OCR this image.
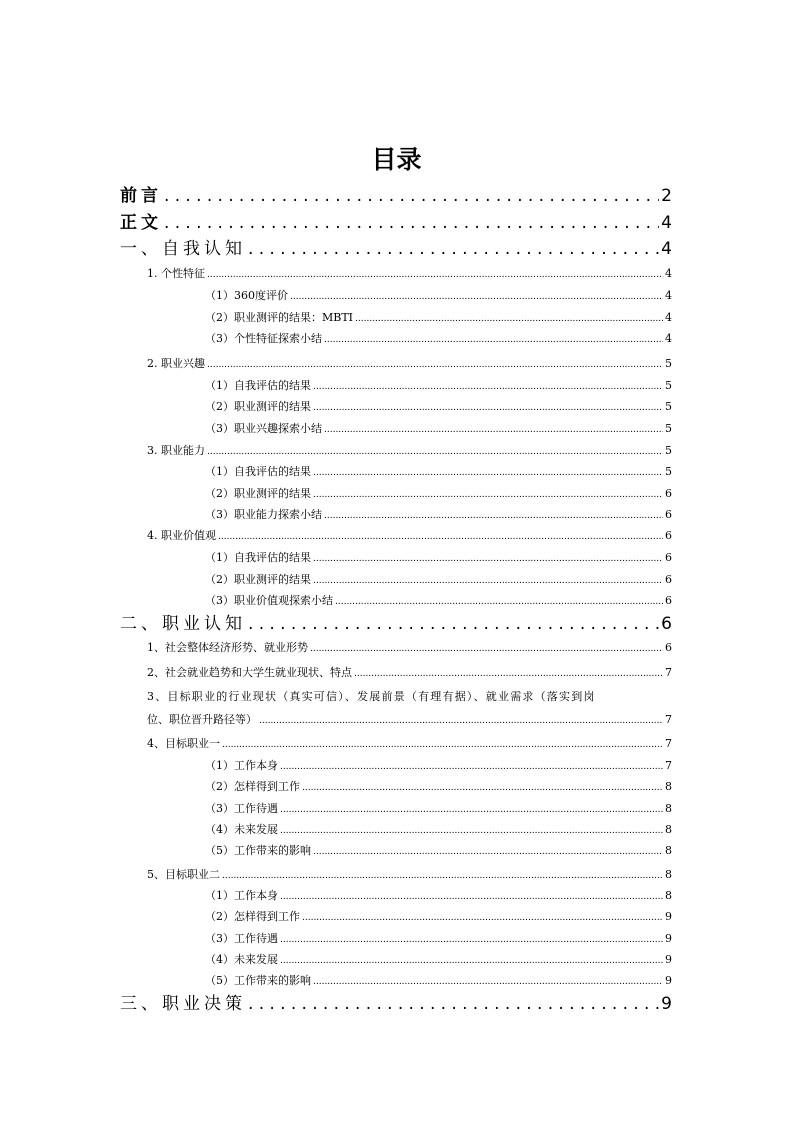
目录
前言 .....	2
正文 .....	4
一、自我认知 .....	4
1. 个性特征 .....	4
（1）360度评价 .....	4
（2）职业测评的结果：MBTI .....	4
（3）个性特征探索小结 .....	4
2. 职业兴趣 .....	5
（1）自我评估的结果 .....	5
（2）职业测评的结果 .....	5
（3）职业兴趣探索小结 .....	5
3. 职业能力 .....	5
（1）自我评估的结果 .....	5
（2）职业测评的结果 .....	6
（3）职业能力探索小结 .....	6
4. 职业价值观 .....	6
（1）自我评估的结果 .....	6
（2）职业测评的结果 .....	6
（3）职业价值观探索小结 .....	6
二、职业认知 .....	6
1、社会整体经济形势、就业形势 .....	6
2、社会就业趋势和大学生就业现状、特点 .....	7
3、目标职业的行业现状（真实可信）、发展前景（有理有据）、就业需求（落实到岗
位、职位晋升路径等） .....	7
4、目标职业一 .....	7
（1）工作本身 .....	7
（2）怎样得到工作 .....	8
（3）工作待遇 .....	8
（4）未来发展 .....	8
（5）工作带来的影响 .....	8
5、目标职业二 .....	8
（1）工作本身 .....	8
（2）怎样得到工作 .....	9
（3）工作待遇 .....	9
（4）未来发展 .....	9
（5）工作带来的影响 .....	9
三、职业决策 .....	9
